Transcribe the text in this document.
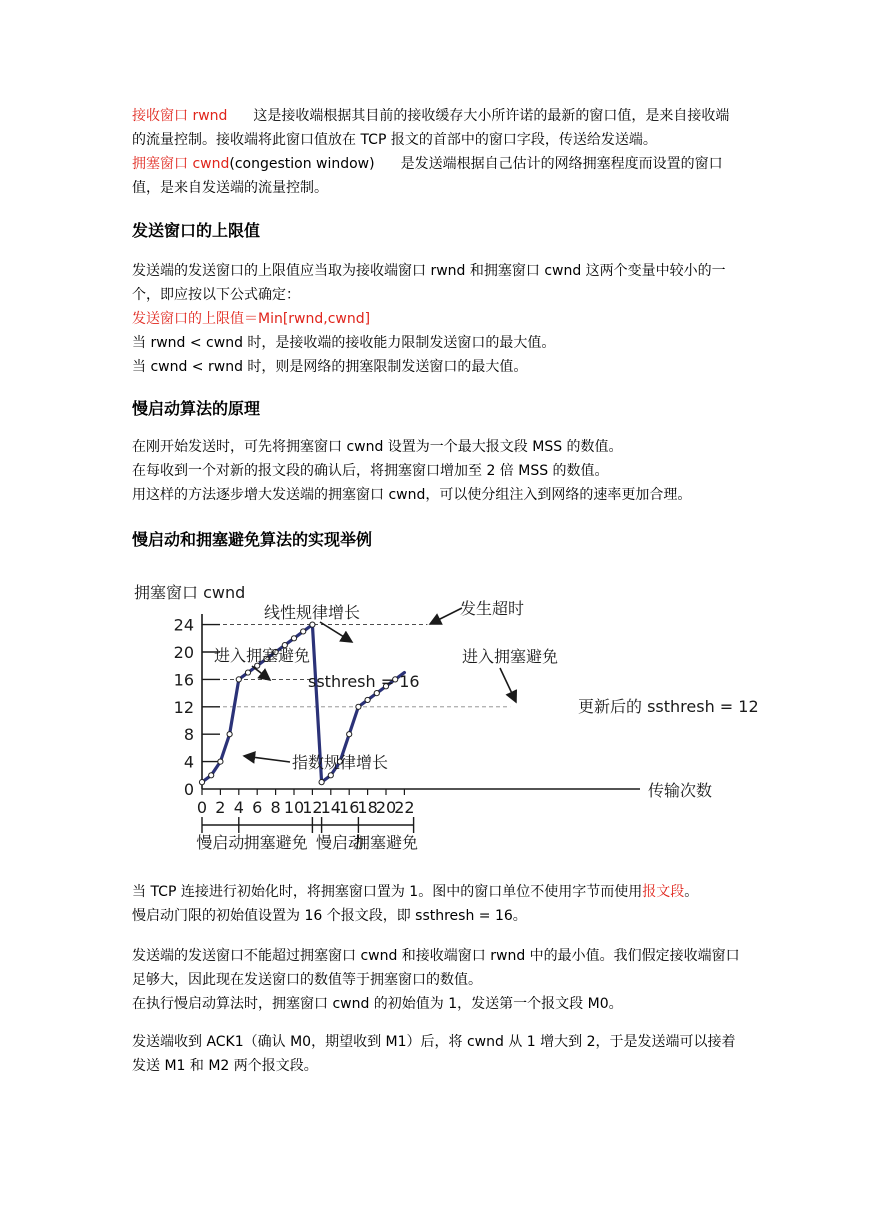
接收窗口 rwnd 这是接收端根据其目前的接收缓存大小所许诺的最新的窗口值，是来自接收端的流量控制。接收端将此窗口值放在 TCP 报文的首部中的窗口字段，传送给发送端。
拥塞窗口 cwnd(congestion window) 是发送端根据自己估计的网络拥塞程度而设置的窗口值，是来自发送端的流量控制。

发送窗口的上限值

发送端的发送窗口的上限值应当取为接收端窗口 rwnd 和拥塞窗口 cwnd 这两个变量中较小的一个，即应按以下公式确定：
发送窗口的上限值＝Min[rwnd,cwnd]
当 rwnd < cwnd 时，是接收端的接收能力限制发送窗口的最大值。
当 cwnd < rwnd 时，则是网络的拥塞限制发送窗口的最大值。

慢启动算法的原理

在刚开始发送时，可先将拥塞窗口 cwnd 设置为一个最大报文段 MSS 的数值。
在每收到一个对新的报文段的确认后，将拥塞窗口增加至 2 倍 MSS 的数值。
用这样的方法逐步增大发送端的拥塞窗口 cwnd，可以使分组注入到网络的速率更加合理。

慢启动和拥塞避免算法的实现举例
0
4
8
12
16
20
24
0 2 4 6 8 10
12
14
16
18
20
22
慢启动 拥塞避免 慢启动
拥塞避免
拥塞窗口 cwnd
传输次数
线性规律增长	发生超时
进入拥塞避免
ssthresh = 16
进入拥塞避免
更新后的 ssthresh = 12
指数规律增长

当 TCP 连接进行初始化时，将拥塞窗口置为 1。图中的窗口单位不使用字节而使用报文段。
慢启动门限的初始值设置为 16 个报文段，即 ssthresh = 16。

发送端的发送窗口不能超过拥塞窗口 cwnd 和接收端窗口 rwnd 中的最小值。我们假定接收端窗口足够大，因此现在发送窗口的数值等于拥塞窗口的数值。
在执行慢启动算法时，拥塞窗口 cwnd 的初始值为 1，发送第一个报文段 M0。

发送端收到 ACK1（确认 M0，期望收到 M1）后，将 cwnd 从 1 增大到 2，于是发送端可以接着发送 M1 和 M2 两个报文段。
